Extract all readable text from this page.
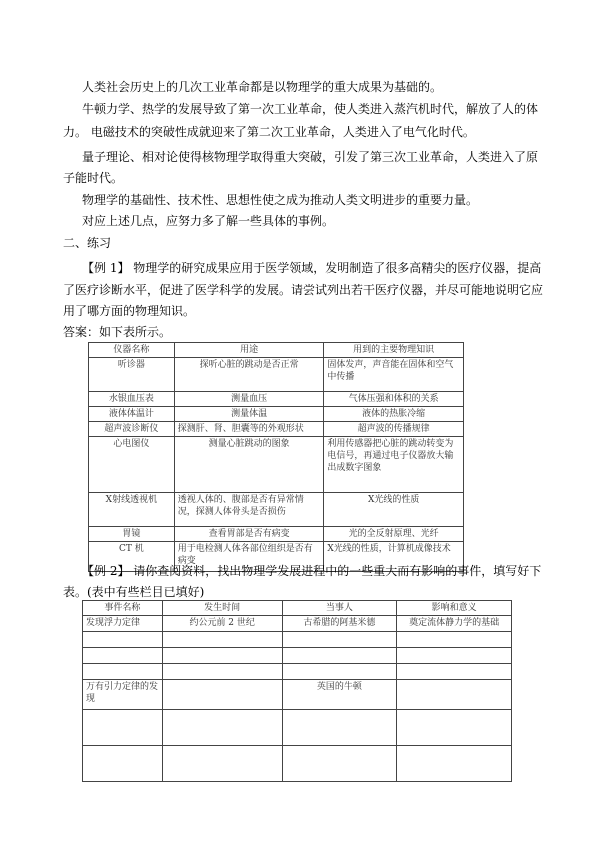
人类社会历史上的几次工业革命都是以物理学的重大成果为基础的。
牛顿力学、热学的发展导致了第一次工业革命，使人类进入蒸汽机时代，解放了人的体
力。 电磁技术的突破性成就迎来了第二次工业革命，人类进入了电气化时代。
量子理论、相对论使得核物理学取得重大突破，引发了第三次工业革命，人类进入了原
子能时代。
物理学的基础性、技术性、思想性使之成为推动人类文明进步的重要力量。
对应上述几点，应努力多了解一些具体的事例。
二、练习
【例 1】 物理学的研究成果应用于医学领域，发明制造了很多高精尖的医疗仪器，提高
了医疗诊断水平，促进了医学科学的发展。请尝试列出若干医疗仪器，并尽可能地说明它应
用了哪方面的物理知识。
答案：如下表所示。
仪器名称	用途	用到的主要物理知识
听诊器	探听心脏的跳动是否正常	固体发声，声音能在固体和空气中传播
水银血压表	测量血压	气体压强和体积的关系
液体体温计	测量体温	液体的热胀冷缩
超声波诊断仪	探测肝、肾、胆囊等的外观形状	超声波的传播规律
心电图仪	测量心脏跳动的图象	利用传感器把心脏的跳动转变为电信号，再通过电子仪器放大输出成数字图象
X射线透视机	透视人体的、腹部是否有异常情况，探测人体骨头是否损伤	X光线的性质
胃镜	查看胃部是否有病变	光的全反射原理、光纤
CT 机	用于电检测人体各部位组织是否有病变	X光线的性质，计算机成像技术
【例 2】 请你查阅资料，找出物理学发展进程中的一些重大而有影响的事件，填写好下
表。(表中有些栏目已填好)
事件名称	发生时间	当事人	影响和意义
发现浮力定律	约公元前 2 世纪	古希腊的阿基米德	奠定流体静力学的基础

万有引力定律的发现		英国的牛顿	
